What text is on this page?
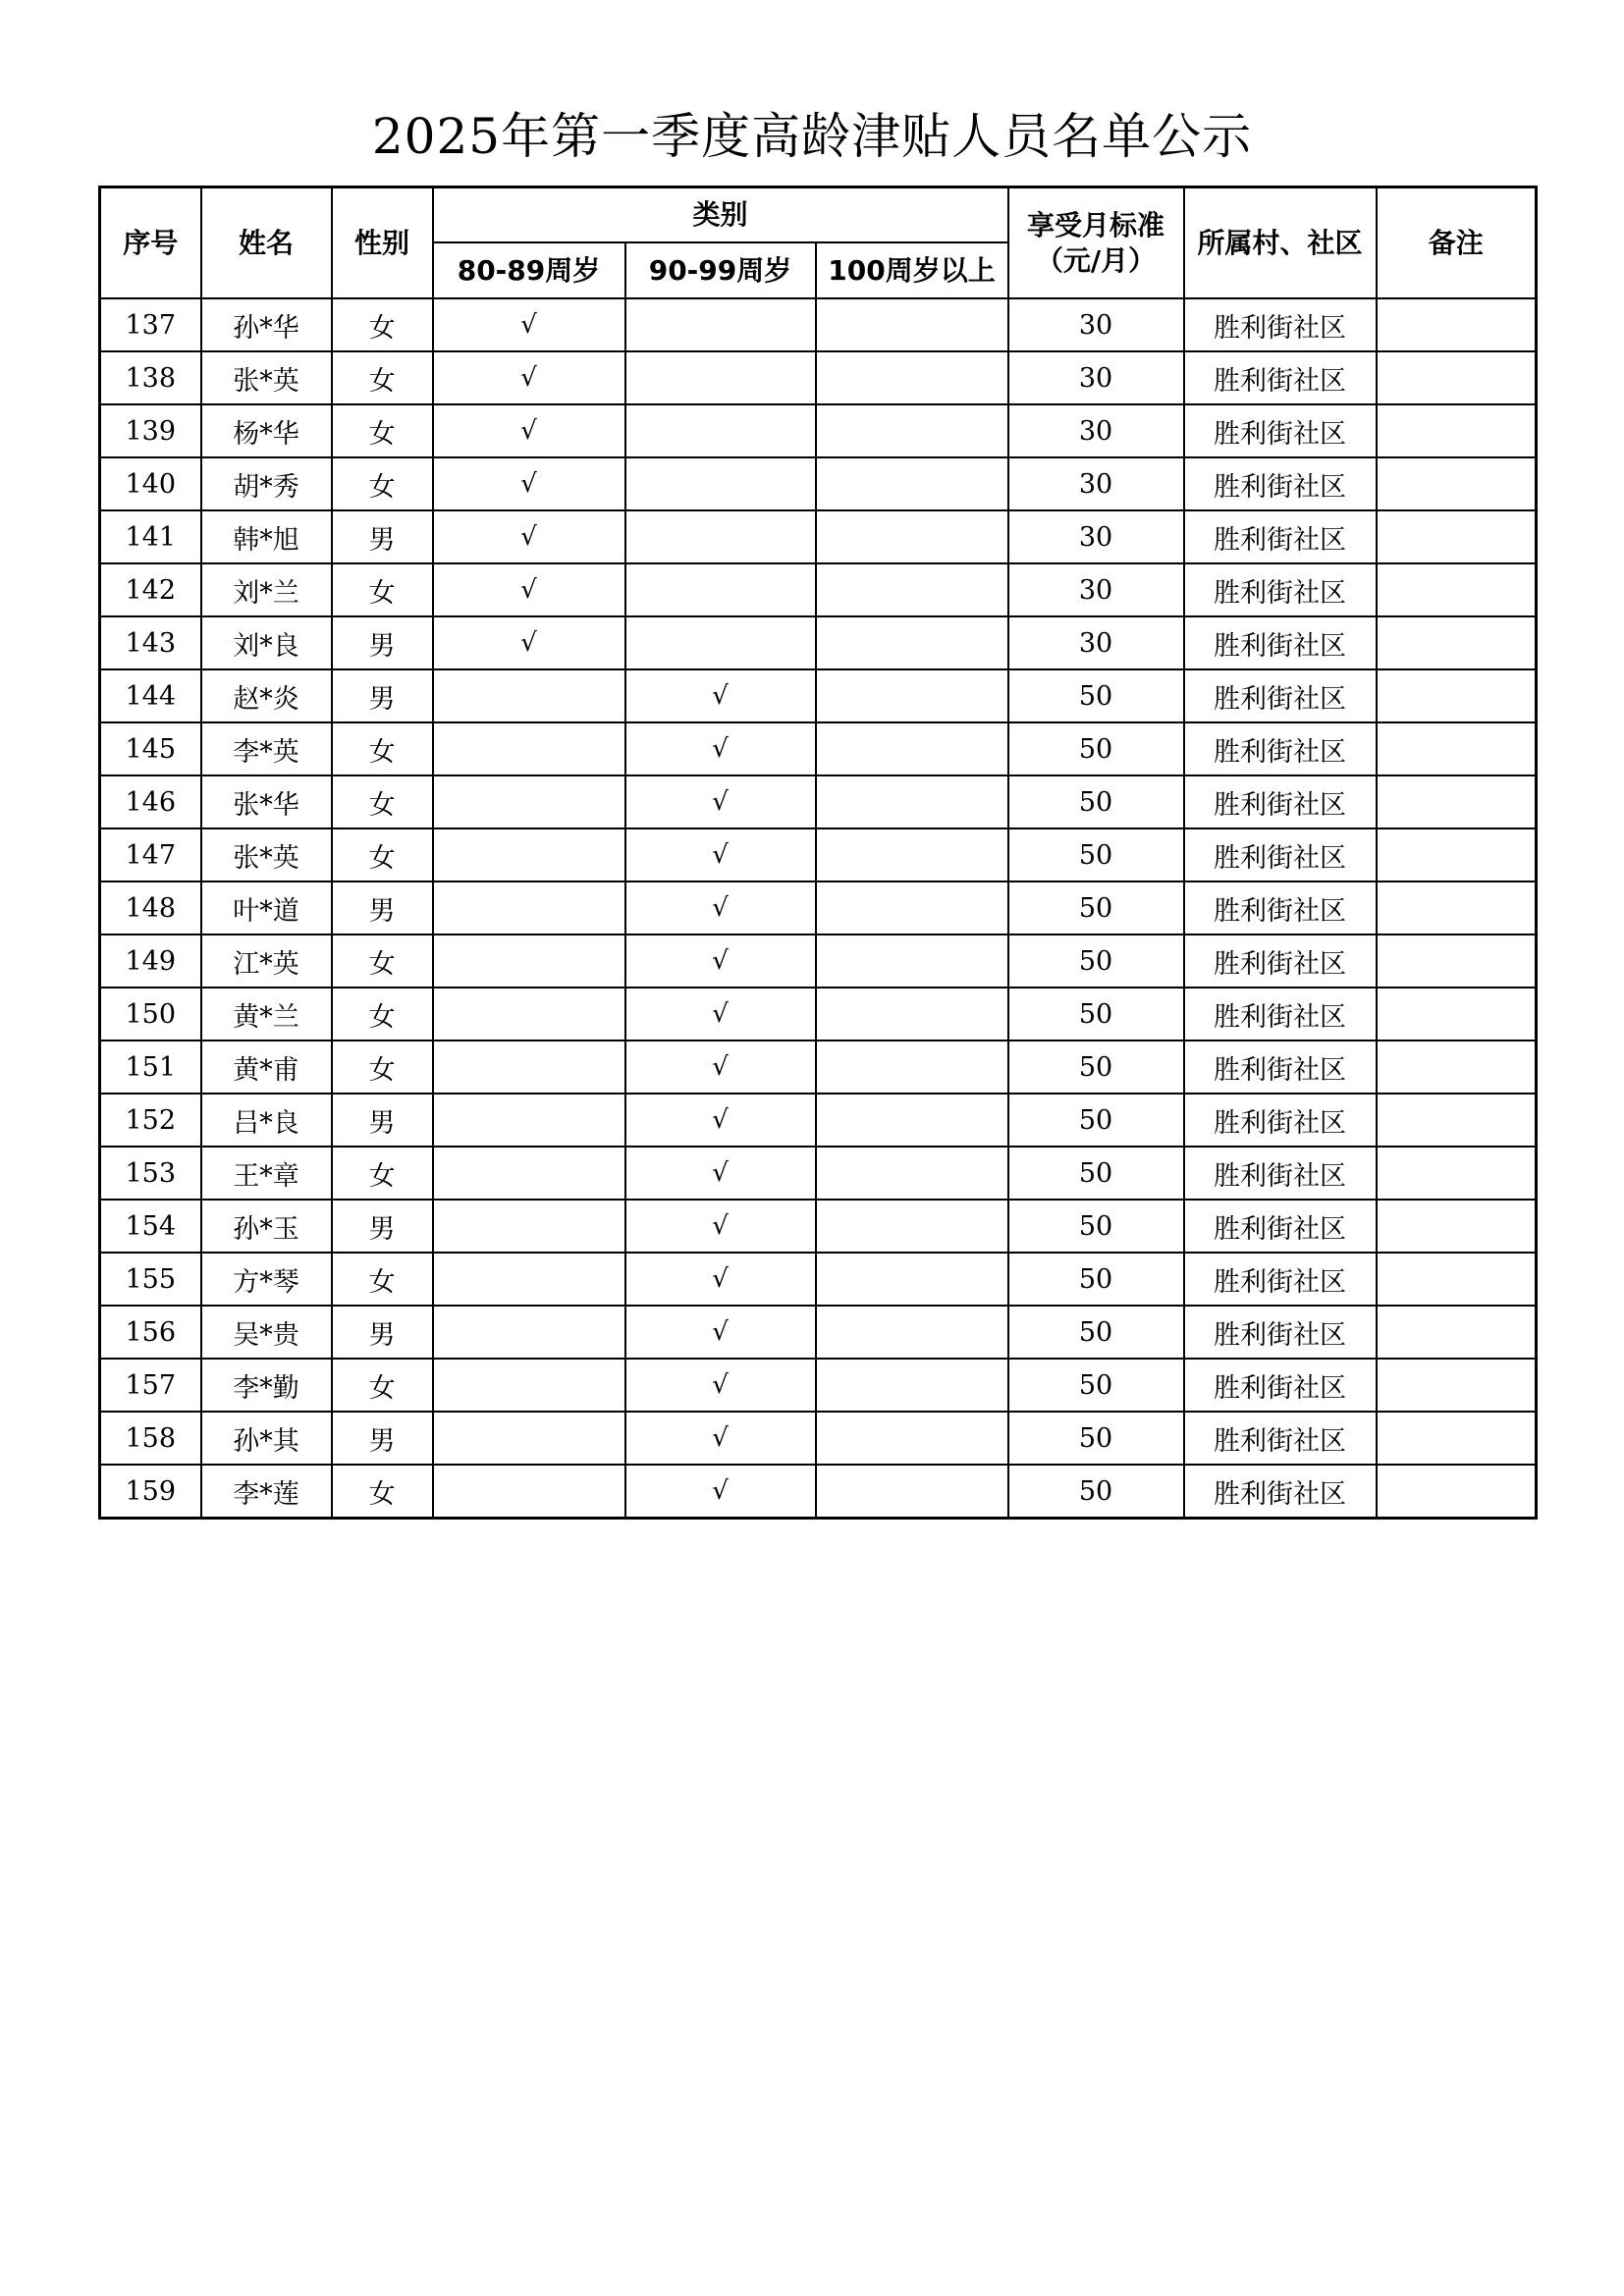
2025年第一季度高龄津贴人员名单公示
序号	姓名	性别	类别			享受月标准（元/月）	所属村、社区	备注
			80-89周岁	90-99周岁	100周岁以上			
137	孙*华	女	√			30	胜利街社区	
138	张*英	女	√			30	胜利街社区	
139	杨*华	女	√			30	胜利街社区	
140	胡*秀	女	√			30	胜利街社区	
141	韩*旭	男	√			30	胜利街社区	
142	刘*兰	女	√			30	胜利街社区	
143	刘*良	男	√			30	胜利街社区	
144	赵*炎	男		√		50	胜利街社区	
145	李*英	女		√		50	胜利街社区	
146	张*华	女		√		50	胜利街社区	
147	张*英	女		√		50	胜利街社区	
148	叶*道	男		√		50	胜利街社区	
149	江*英	女		√		50	胜利街社区	
150	黄*兰	女		√		50	胜利街社区	
151	黄*甫	女		√		50	胜利街社区	
152	吕*良	男		√		50	胜利街社区	
153	王*章	女		√		50	胜利街社区	
154	孙*玉	男		√		50	胜利街社区	
155	方*琴	女		√		50	胜利街社区	
156	吴*贵	男		√		50	胜利街社区	
157	李*勤	女		√		50	胜利街社区	
158	孙*其	男		√		50	胜利街社区	
159	李*莲	女		√		50	胜利街社区	
